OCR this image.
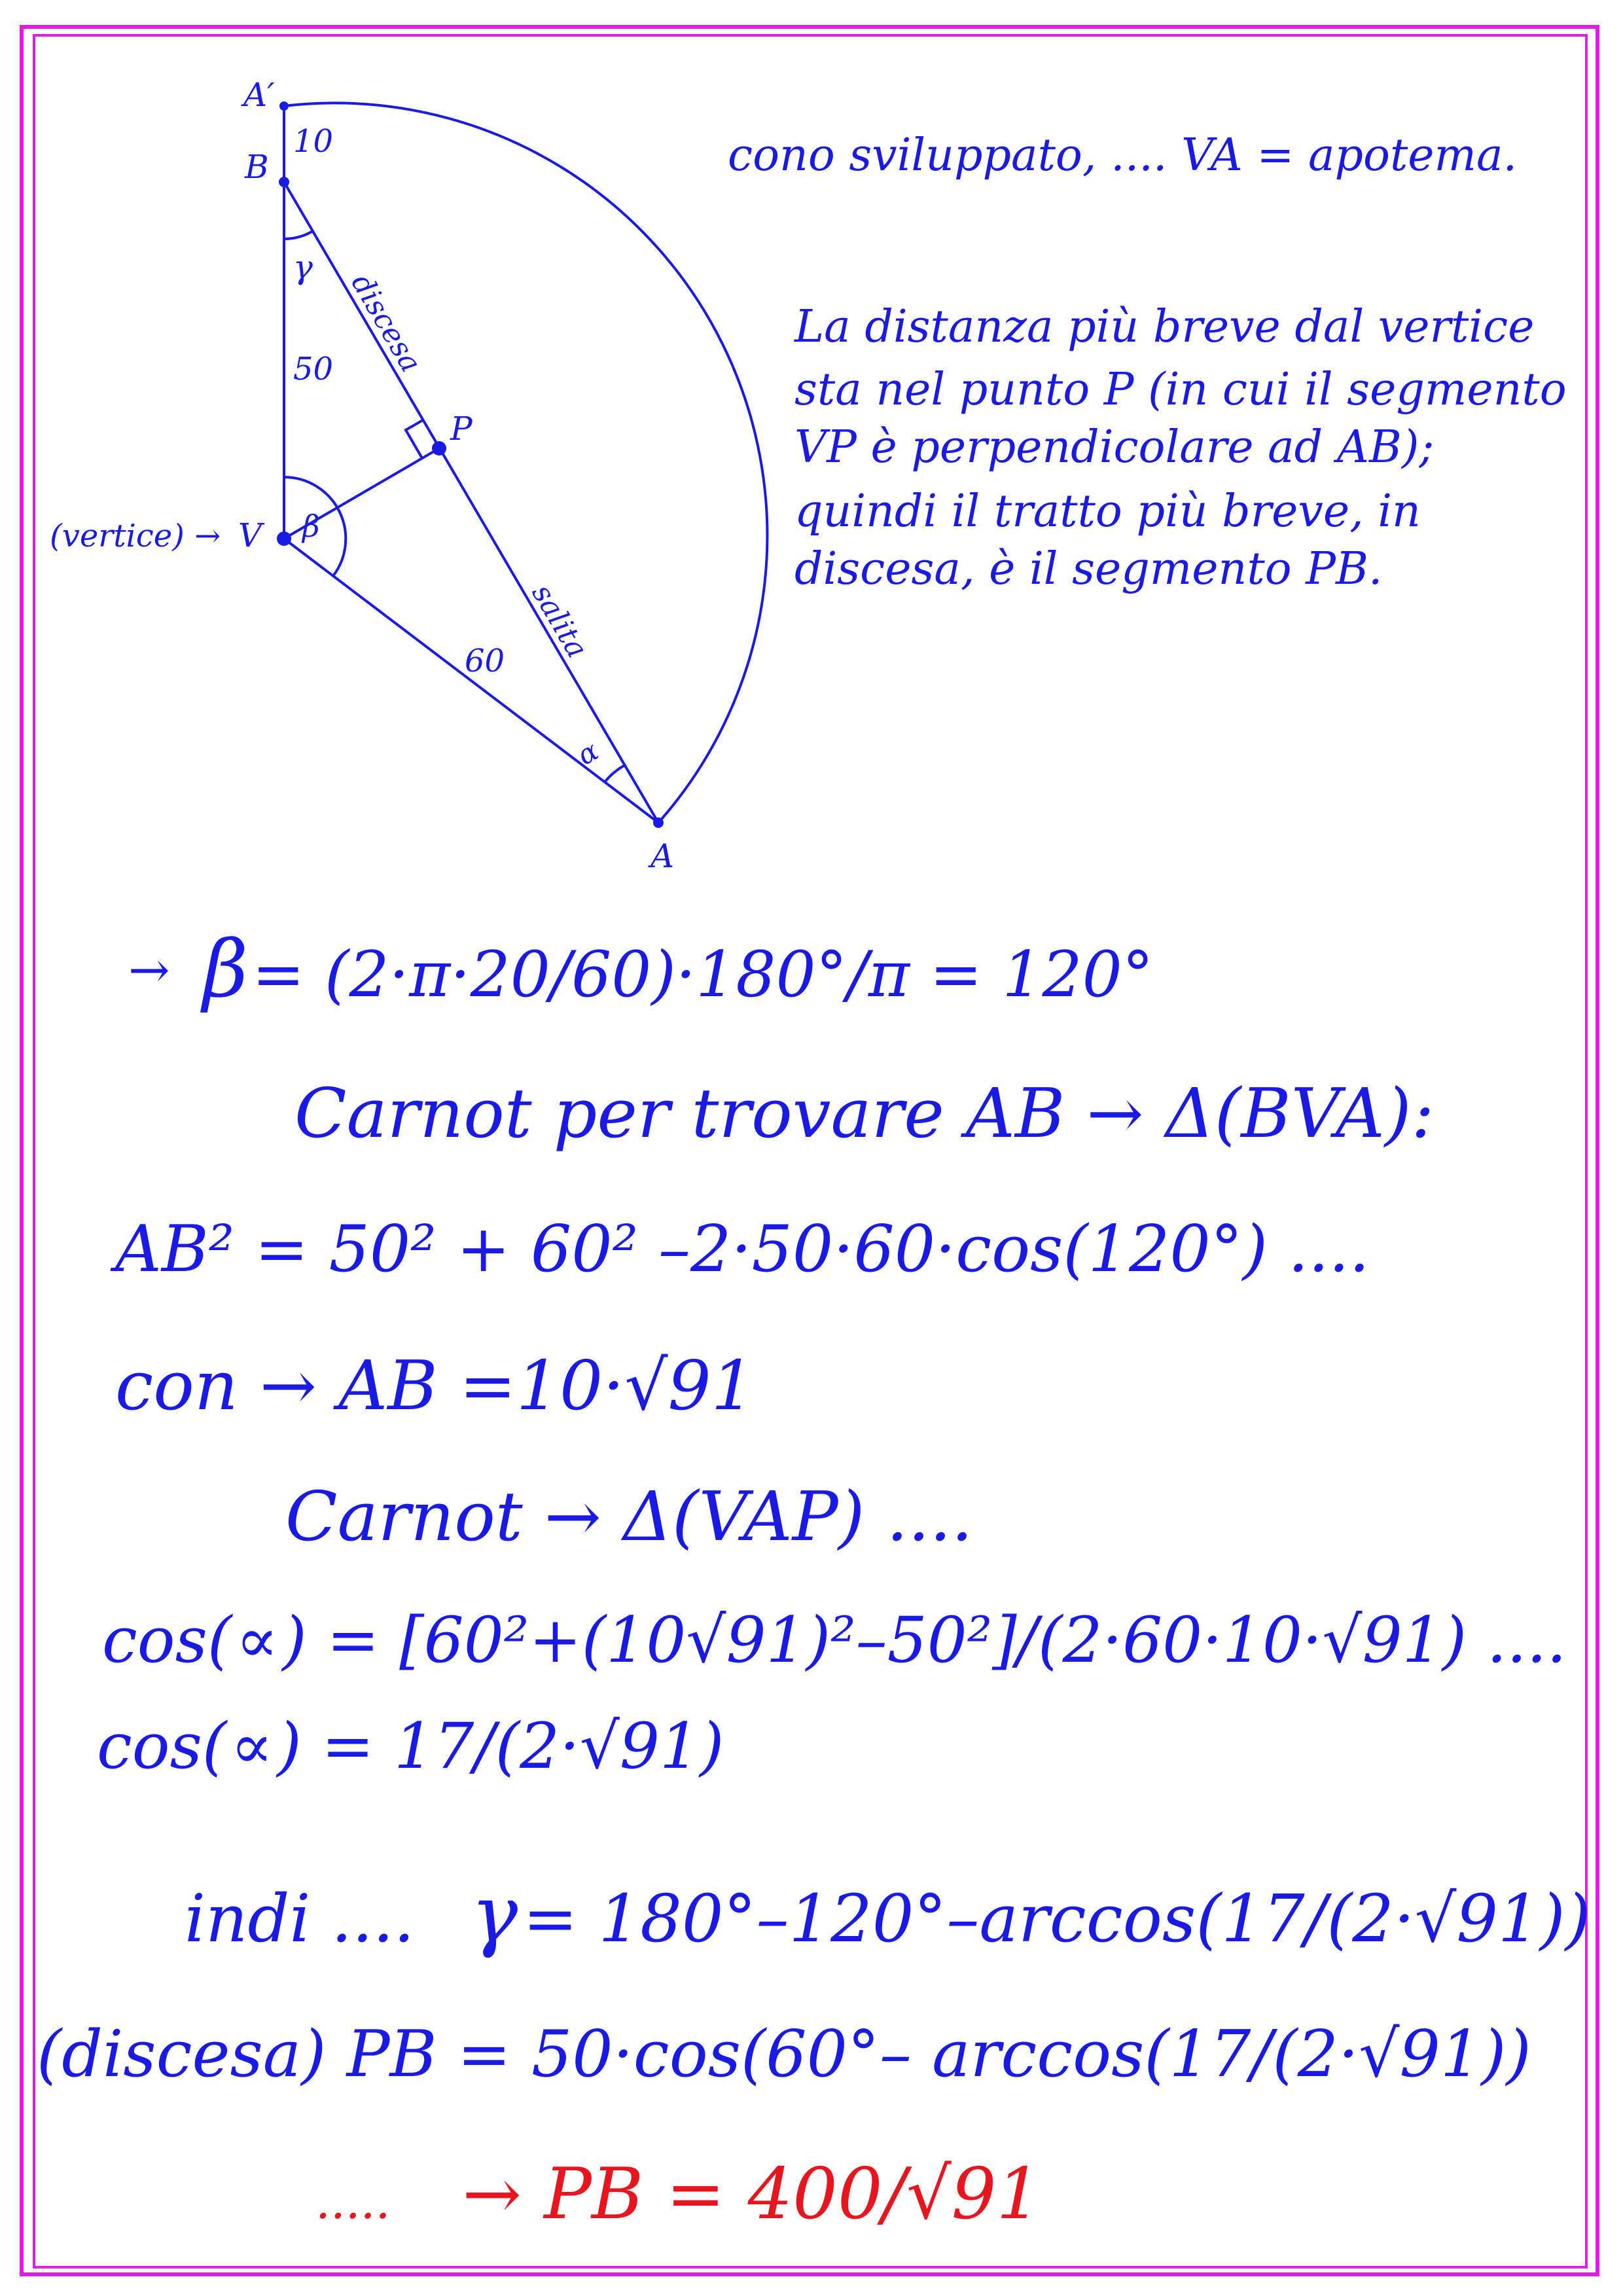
A′
B
P
V
A
(vertice) →
10
50
60
discesa
salita
γ
β
α
cono sviluppato, .... VA = apotema.
La distanza più breve dal vertice
sta nel punto P (in cui il segmento
VP è perpendicolare ad AB);
quindi il tratto più breve, in
discesa, è il segmento PB.
→ β= (2·π·20/60)·180°/π = 120°
Carnot per trovare AB → Δ(BVA):
AB² = 50² + 60² –2·50·60·cos(120°) ....
con → AB =10·√91
Carnot → Δ(VAP) ....
cos(∝) = [60²+(10√91)²–50²]/(2·60·10·√91) ....
cos(∝) = 17/(2·√91)
indi .... γ= 180°–120°–arccos(17/(2·√91))
(discesa) PB = 50·cos(60°– arccos(17/(2·√91))
..... → PB = 400/√91
